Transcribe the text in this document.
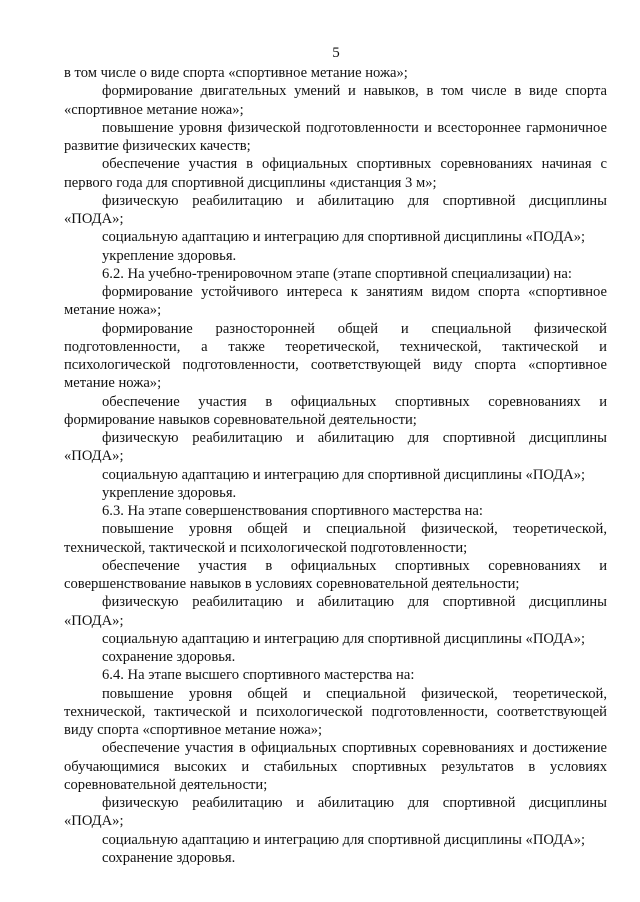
5

в том числе о виде спорта «спортивное метание ножа»;

формирование двигательных умений и навыков, в том числе в виде спорта «спортивное метание ножа»;

повышение уровня физической подготовленности и всестороннее гармоничное развитие физических качеств;

обеспечение участия в официальных спортивных соревнованиях начиная с первого года для спортивной дисциплины «дистанция 3 м»;

физическую реабилитацию и абилитацию для спортивной дисциплины «ПОДА»;

социальную адаптацию и интеграцию для спортивной дисциплины «ПОДА»;

укрепление здоровья.

6.2. На учебно-тренировочном этапе (этапе спортивной специализации) на:

формирование устойчивого интереса к занятиям видом спорта «спортивное метание ножа»;

формирование разносторонней общей и специальной физической подготовленности, а также теоретической, технической, тактической и психологической подготовленности, соответствующей виду спорта «спортивное метание ножа»;

обеспечение участия в официальных спортивных соревнованиях и формирование навыков соревновательной деятельности;

физическую реабилитацию и абилитацию для спортивной дисциплины «ПОДА»;

социальную адаптацию и интеграцию для спортивной дисциплины «ПОДА»;

укрепление здоровья.

6.3. На этапе совершенствования спортивного мастерства на:

повышение уровня общей и специальной физической, теоретической, технической, тактической и психологической подготовленности;

обеспечение участия в официальных спортивных соревнованиях и совершенствование навыков в условиях соревновательной деятельности;

физическую реабилитацию и абилитацию для спортивной дисциплины «ПОДА»;

социальную адаптацию и интеграцию для спортивной дисциплины «ПОДА»;

сохранение здоровья.

6.4. На этапе высшего спортивного мастерства на:

повышение уровня общей и специальной физической, теоретической, технической, тактической и психологической подготовленности, соответствующей виду спорта «спортивное метание ножа»;

обеспечение участия в официальных спортивных соревнованиях и достижение обучающимися высоких и стабильных спортивных результатов в условиях соревновательной деятельности;

физическую реабилитацию и абилитацию для спортивной дисциплины «ПОДА»;

социальную адаптацию и интеграцию для спортивной дисциплины «ПОДА»;

сохранение здоровья.
